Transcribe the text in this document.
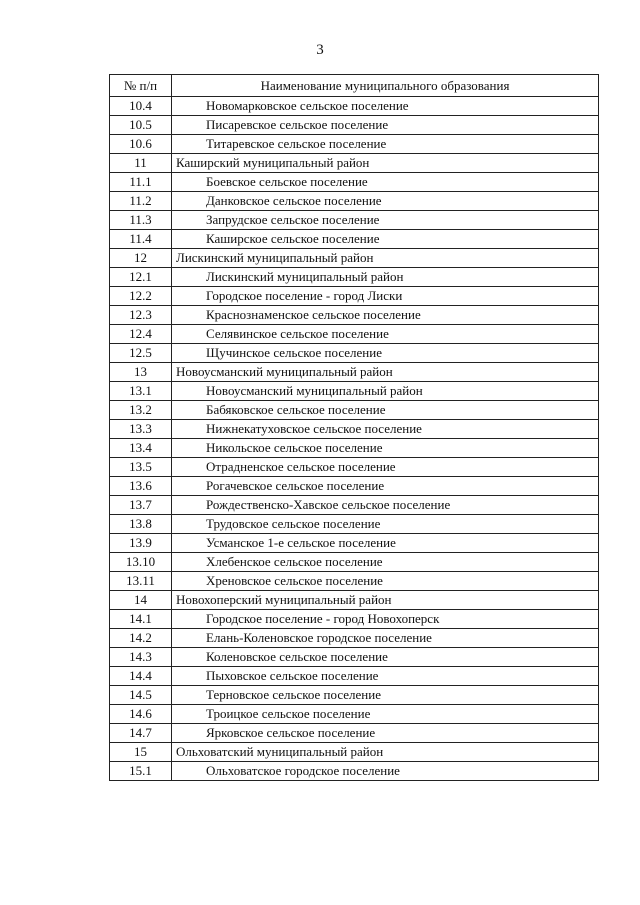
3
№ п/п	Наименование муниципального образования
10.4	Новомарковское сельское поселение
10.5	Писаревское сельское поселение
10.6	Титаревское сельское поселение
11	Каширский муниципальный район
11.1	Боевское сельское поселение
11.2	Данковское сельское поселение
11.3	Запрудское сельское поселение
11.4	Каширское сельское поселение
12	Лискинский муниципальный район
12.1	Лискинский муниципальный район
12.2	Городское поселение - город Лиски
12.3	Краснознаменское сельское поселение
12.4	Селявинское сельское поселение
12.5	Щучинское сельское поселение
13	Новоусманский муниципальный район
13.1	Новоусманский муниципальный район
13.2	Бабяковское сельское поселение
13.3	Нижнекатуховское сельское поселение
13.4	Никольское сельское поселение
13.5	Отрадненское сельское поселение
13.6	Рогачевское сельское поселение
13.7	Рождественско-Хавское сельское поселение
13.8	Трудовское сельское поселение
13.9	Усманское 1-е сельское поселение
13.10	Хлебенское сельское поселение
13.11	Хреновское сельское поселение
14	Новохоперский муниципальный район
14.1	Городское поселение - город Новохоперск
14.2	Елань-Коленовское городское поселение
14.3	Коленовское сельское поселение
14.4	Пыховское сельское поселение
14.5	Терновское сельское поселение
14.6	Троицкое сельское поселение
14.7	Ярковское сельское поселение
15	Ольховатский муниципальный район
15.1	Ольховатское городское поселение
